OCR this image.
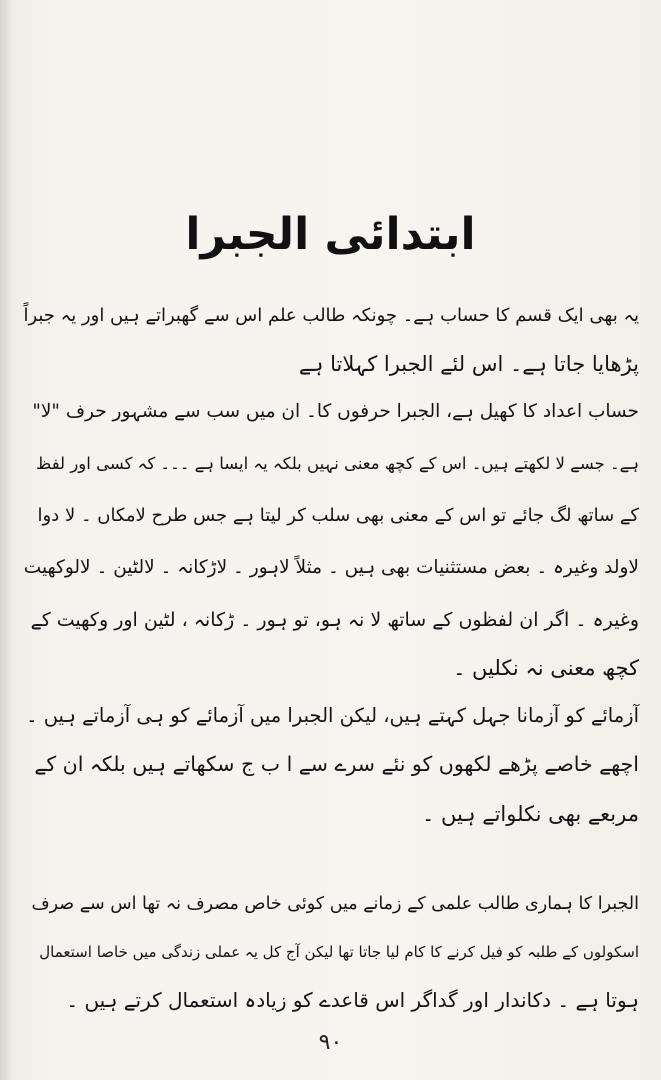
ابتدائی الجبرا
یہ بھی ایک قسم کا حساب ہے۔ چونکہ طالب علم اس سے گھبراتے ہیں اور یہ جبراً
پڑھایا جاتا ہے۔ اس لئے الجبرا کہلاتا ہے
حساب اعداد کا کھیل ہے، الجبرا حرفوں کا۔ ان میں سب سے مشہور حرف "لا"
ہے۔ جسے لا لکھتے ہیں۔ اس کے کچھ معنی نہیں بلکہ یہ ایسا ہے ۔۔۔ کہ کسی اور لفظ
کے ساتھ لگ جائے تو اس کے معنی بھی سلب کر لیتا ہے جس طرح لامکاں ۔ لا دوا
لاولد وغیرہ ۔ بعض مستثنیات بھی ہیں ۔ مثلاً لاہور ۔ لاڑکانہ ۔ لالٹین ۔ لالوکھیت
وغیرہ ۔ اگر ان لفظوں کے ساتھ لا نہ ہو، تو ہور ۔ ڑکانہ ، لٹین اور وکھیت کے
کچھ معنی نہ نکلیں ۔
آزمائے کو آزمانا جہل کہتے ہیں، لیکن الجبرا میں آزمائے کو ہی آزماتے ہیں ۔
اچھے خاصے پڑھے لکھوں کو نئے سرے سے ا ب ج سکھاتے ہیں بلکہ ان کے
مربعے بھی نکلواتے ہیں ۔
الجبرا کا ہماری طالب علمی کے زمانے میں کوئی خاص مصرف نہ تھا اس سے صرف
اسکولوں کے طلبہ کو فیل کرنے کا کام لیا جاتا تھا لیکن آج کل یہ عملی زندگی میں خاصا استعمال
ہوتا ہے ۔ دکاندار اور گداگر اس قاعدے کو زیادہ استعمال کرتے ہیں ۔
۹۰
